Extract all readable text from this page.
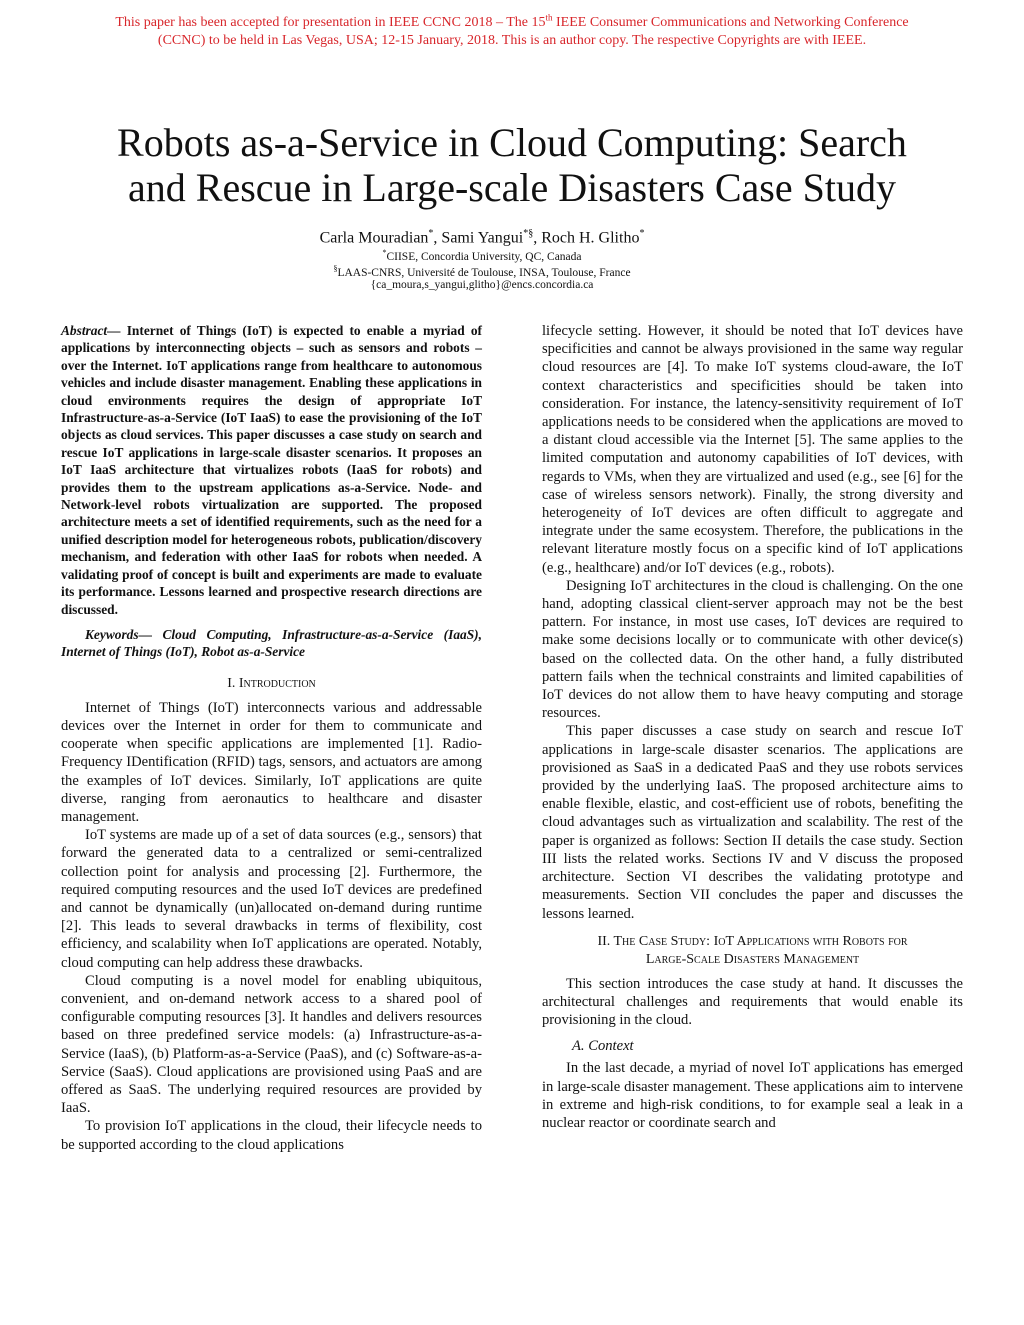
This paper has been accepted for presentation in IEEE CCNC 2018 – The 15th IEEE Consumer Communications and Networking Conference
(CCNC) to be held in Las Vegas, USA; 12-15 January, 2018. This is an author copy. The respective Copyrights are with IEEE.
Robots as-a-Service in Cloud Computing: Search
and Rescue in Large-scale Disasters Case Study
Carla Mouradian*, Sami Yangui*§, Roch H. Glitho*
*CIISE, Concordia University, QC, Canada
§LAAS-CNRS, Université de Toulouse, INSA, Toulouse, France
{ca_moura,s_yangui,glitho}@encs.concordia.ca

Abstract— Internet of Things (IoT) is expected to enable a myriad of applications by interconnecting objects – such as sensors and robots – over the Internet. IoT applications range from healthcare to autonomous vehicles and include disaster management. Enabling these applications in cloud environments requires the design of appropriate IoT Infrastructure-as-a-Service (IoT IaaS) to ease the provisioning of the IoT objects as cloud services. This paper discusses a case study on search and rescue IoT applications in large-scale disaster scenarios. It proposes an IoT IaaS architecture that virtualizes robots (IaaS for robots) and provides them to the upstream applications as-a-Service. Node- and Network-level robots virtualization are supported. The proposed architecture meets a set of identified requirements, such as the need for a unified description model for heterogeneous robots, publication/discovery mechanism, and federation with other IaaS for robots when needed. A validating proof of concept is built and experiments are made to evaluate its performance. Lessons learned and prospective research directions are discussed.

Keywords— Cloud Computing, Infrastructure-as-a-Service (IaaS), Internet of Things (IoT), Robot as-a-Service

I. Introduction

Internet of Things (IoT) interconnects various and addressable devices over the Internet in order for them to communicate and cooperate when specific applications are implemented [1]. Radio-Frequency IDentification (RFID) tags, sensors, and actuators are among the examples of IoT devices. Similarly, IoT applications are quite diverse, ranging from aeronautics to healthcare and disaster management.

IoT systems are made up of a set of data sources (e.g., sensors) that forward the generated data to a centralized or semi-centralized collection point for analysis and processing [2]. Furthermore, the required computing resources and the used IoT devices are predefined and cannot be dynamically (un)allocated on-demand during runtime [2]. This leads to several drawbacks in terms of flexibility, cost efficiency, and scalability when IoT applications are operated. Notably, cloud computing can help address these drawbacks.

Cloud computing is a novel model for enabling ubiquitous, convenient, and on-demand network access to a shared pool of configurable computing resources [3]. It handles and delivers resources based on three predefined service models: (a) Infrastructure-as-a-Service (IaaS), (b) Platform-as-a-Service (PaaS), and (c) Software-as-a-Service (SaaS). Cloud applications are provisioned using PaaS and are offered as SaaS. The underlying required resources are provided by IaaS.

To provision IoT applications in the cloud, their lifecycle needs to be supported according to the cloud applications

lifecycle setting. However, it should be noted that IoT devices have specificities and cannot be always provisioned in the same way regular cloud resources are [4]. To make IoT systems cloud-aware, the IoT context characteristics and specificities should be taken into consideration. For instance, the latency-sensitivity requirement of IoT applications needs to be considered when the applications are moved to a distant cloud accessible via the Internet [5]. The same applies to the limited computation and autonomy capabilities of IoT devices, with regards to VMs, when they are virtualized and used (e.g., see [6] for the case of wireless sensors network). Finally, the strong diversity and heterogeneity of IoT devices are often difficult to aggregate and integrate under the same ecosystem. Therefore, the publications in the relevant literature mostly focus on a specific kind of IoT applications (e.g., healthcare) and/or IoT devices (e.g., robots).

Designing IoT architectures in the cloud is challenging. On the one hand, adopting classical client-server approach may not be the best pattern. For instance, in most use cases, IoT devices are required to make some decisions locally or to communicate with other device(s) based on the collected data. On the other hand, a fully distributed pattern fails when the technical constraints and limited capabilities of IoT devices do not allow them to have heavy computing and storage resources.

This paper discusses a case study on search and rescue IoT applications in large-scale disaster scenarios. The applications are provisioned as SaaS in a dedicated PaaS and they use robots services provided by the underlying IaaS. The proposed architecture aims to enable flexible, elastic, and cost-efficient use of robots, benefiting the cloud advantages such as virtualization and scalability. The rest of the paper is organized as follows: Section II details the case study. Section III lists the related works. Sections IV and V discuss the proposed architecture. Section VI describes the validating prototype and measurements. Section VII concludes the paper and discusses the lessons learned.

II. The Case Study: IoT Applications with Robots for
Large-Scale Disasters Management

This section introduces the case study at hand. It discusses the architectural challenges and requirements that would enable its provisioning in the cloud.

A. Context

In the last decade, a myriad of novel IoT applications has emerged in large-scale disaster management. These applications aim to intervene in extreme and high-risk conditions, to for example seal a leak in a nuclear reactor or coordinate search and
